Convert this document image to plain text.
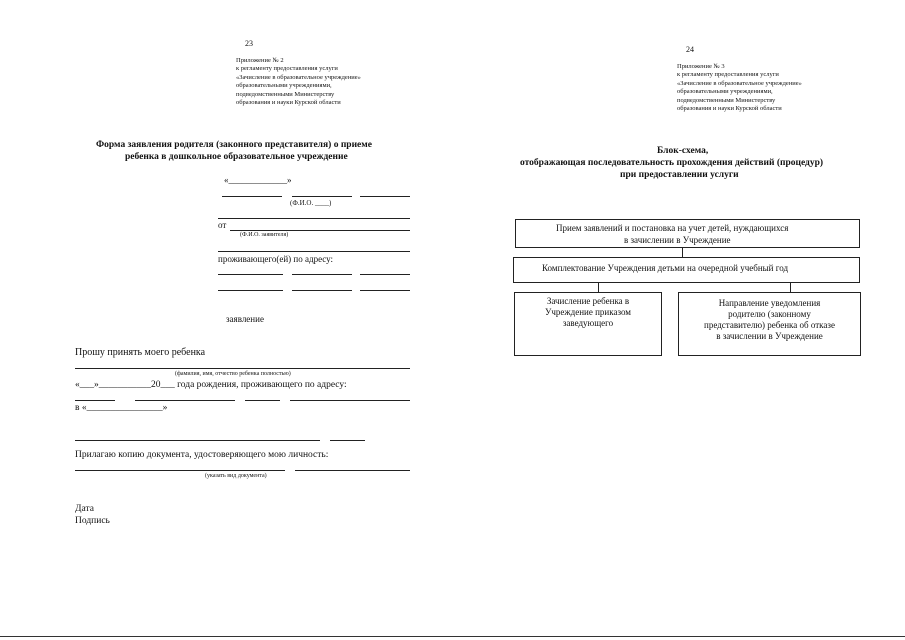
23
Приложение № 2
к регламенту предоставления услуги
«Зачисление в образовательное учреждение»
образовательными учреждениями,
подведомственными Министерству
образования и науки Курской области
Форма заявления родителя (законного представителя) о приеме
ребенка в дошкольное образовательное учреждение
«_____________»
(Ф.И.О. ____)
от
(Ф.И.О. заявителя)
проживающего(ей) по адресу:
заявление
Прошу принять моего ребенка
(фамилия, имя, отчество ребенка полностью)
«___»___________20___ года рождения, проживающего по адресу:
в «________________»
Прилагаю копию документа, удостоверяющего мою личность:
(указать вид документа)
Дата
Подпись
24
Приложение № 3
к регламенту предоставления услуги
«Зачисление в образовательное учреждение»
образовательными учреждениями,
подведомственными Министерству
образования и науки Курской области
Блок-схема,
отображающая последовательность прохождения действий (процедур)
при предоставлении услуги
Прием заявлений и постановка на учет детей, нуждающихся
в зачислении в Учреждение
Комплектование Учреждения детьми на очередной учебный год
Зачисление ребенка в
Учреждение приказом
заведующего
Направление уведомления
родителю (законному
представителю) ребенка об отказе
в зачислении в Учреждение
